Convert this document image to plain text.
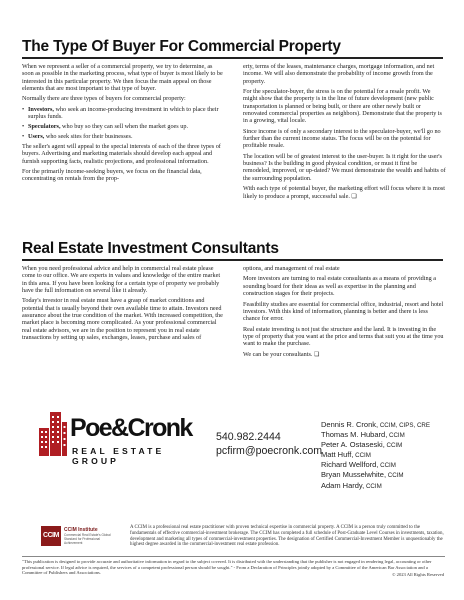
The Type Of Buyer For Commercial Property

When we represent a seller of a commercial property, we try to determine, as soon as possible in the marketing process, what type of buyer is most likely to be interested in this particular property. We then focus the main appeal on those elements that are most important to that type of buyer.

Normally there are three types of buyers for commercial property:

• Investors, who seek an income-producing investment in which to place their surplus funds.
• Speculators, who buy so they can sell when the market goes up.
• Users, who seek sites for their businesses.

The seller's agent will appeal to the special interests of each of the three types of buyers. Advertising and marketing materials should develop each appeal and furnish supporting facts, realistic projections, and professional information.

For the primarily income-seeking buyers, we focus on the financial data, concentrating on rentals from the prop-

erty, terms of the leases, maintenance charges, mortgage information, and net income. We will also demonstrate the probability of income growth from the property.

For the speculator-buyer, the stress is on the potential for a resale profit. We might show that the property is in the line of future development (new public transportation is planned or being built, or there are other newly built or renovated commercial properties as neighbors). Demonstrate that the property is in a growing, vital locale.

Since income is of only a secondary interest to the speculator-buyer, we'll go no further than the current income status. The focus will be on the potential for profitable resale.

The location will be of greatest interest to the user-buyer. Is it right for the user's business? Is the building in good physical condition, or must it first be remodeled, improved, or up-dated? We must demonstrate the wealth and habits of the surrounding population.

With each type of potential buyer, the marketing effort will focus where it is most likely to produce a prompt, successful sale. ❏

Real Estate Investment Consultants

When you need professional advice and help in commercial real estate please come to our office. We are experts in values and knowledge of the entire market in this area. If you have been looking for a certain type of property we probably have the full information on several like it already.

Today's investor in real estate must have a grasp of market conditions and potential that is usually beyond their own available time to attain. Investors need assurance about the true condition of the market. With increased competition, the market place is becoming more complicated. As your professional commercial real estate advisors, we are in the position to represent you in real estate transactions by setting up sales, exchanges, leases, purchase and sales of

options, and management of real estate

More investors are turning to real estate consultants as a means of providing a sounding board for their ideas as well as expertise in the planning and construction stages for their projects.

Feasibility studies are essential for commercial office, industrial, resort and hotel investors. With this kind of information, planning is better and there is less chance for error.

Real estate investing is not just the structure and the land. It is investing in the type of property that you want at the price and terms that suit you at the time you want to make the purchase.

We can be your consultants. ❏

Poe&Cronk
REAL ESTATE GROUP
540.982.2444
pcfirm@poecronk.com
Dennis R. Cronk, CCIM, CIPS, CRE
Thomas M. Hubard, CCIM
Peter A. Ostaseski, CCIM
Matt Huff, CCIM
Richard Wellford, CCIM
Bryan Musselwhite, CCIM
Adam Hardy, CCIM
CCIM
CCIM Institute
Commercial Real Estate's Global Standard for Professional Achievement
A CCIM is a professional real estate practitioner with proven technical expertise in commercial property. A CCIM is a person truly committed to the fundamentals of effective commercial-investment brokerage. The CCIM has completed a full schedule of Post-Graduate Level Courses in investments, taxation, development and marketing all types of commercial-investment properties. The designation of Certified Commercial-Investment Member is unquestionably the highest degree awarded in the commercial-investment real estate profession.
"This publication is designed to provide accurate and authoritative information in regard to the subject covered. It is distributed with the understanding that the publisher is not engaged in rendering legal, accounting or other professional service. If legal advice is required, the services of a competent professional person should be sought." - From a Declaration of Principles jointly adopted by a Committee of the American Bar Association and a Committee of Publishers and Associations.	© 2023 All Rights Reserved
